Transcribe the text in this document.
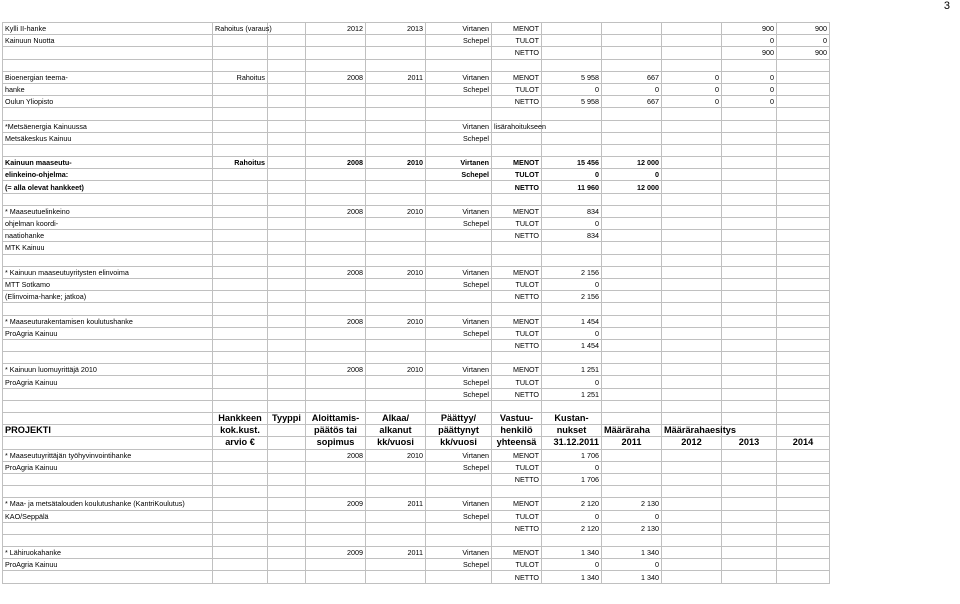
3
Kylli II-hanke	Rahoitus (varaus)		2012	2013	Virtanen	MENOT				900	900
Kainuun Nuotta					Schepel	TULOT				0	0
						NETTO				900	900

Bioenergian teema-	Rahoitus		2008	2011	Virtanen	MENOT	5 958	667	0	0	
hanke					Schepel	TULOT	0	0	0	0	
Oulun Yliopisto						NETTO	5 958	667	0	0	

*Metsäenergia Kainuussa					Virtanen	lisärahoitukseen					
Metsäkeskus Kainuu					Schepel						

Kainuun maaseutu-	Rahoitus		2008	2010	Virtanen	MENOT	15 456	12 000			
elinkeino-ohjelma:					Schepel	TULOT	0	0			
(= alla olevat hankkeet)						NETTO	11 960	12 000			

* Maaseutuelinkeino			2008	2010	Virtanen	MENOT	834				
ohjelman koordi-					Schepel	TULOT	0				
naatiohanke						NETTO	834				
MTK Kainuu											

* Kainuun maaseutuyritysten elinvoima			2008	2010	Virtanen	MENOT	2 156				
MTT Sotkamo					Schepel	TULOT	0				
(Elinvoima-hanke; jatkoa)						NETTO	2 156				

* Maaseuturakentamisen koulutushanke			2008	2010	Virtanen	MENOT	1 454				
ProAgria Kainuu					Schepel	TULOT	0				
						NETTO	1 454				

* Kainuun luomuyrittäjä 2010			2008	2010	Virtanen	MENOT	1 251				
ProAgria Kainuu					Schepel	TULOT	0				
					Schepel	NETTO	1 251				

	Hankkeen	Tyyppi	Aloittamis-	Alkaa/	Päättyy/	Vastuu-	Kustan-				
PROJEKTI	kok.kust.		päätös tai	alkanut	päättynyt	henkilö	nukset	Määräraha	Määrärahaesitys		
	arvio €		sopimus	kk/vuosi	kk/vuosi	yhteensä	31.12.2011	2011	2012	2013	2014
* Maaseutuyrittäjän työhyvinvointihanke			2008	2010	Virtanen	MENOT	1 706				
ProAgria Kainuu					Schepel	TULOT	0				
						NETTO	1 706				

* Maa- ja metsätalouden koulutushanke (KantriKoulutus)			2009	2011	Virtanen	MENOT	2 120	2 130			
KAO/Seppälä					Schepel	TULOT	0	0			
						NETTO	2 120	2 130			

* Lähiruokahanke			2009	2011	Virtanen	MENOT	1 340	1 340			
ProAgria Kainuu					Schepel	TULOT	0	0			
						NETTO	1 340	1 340			
